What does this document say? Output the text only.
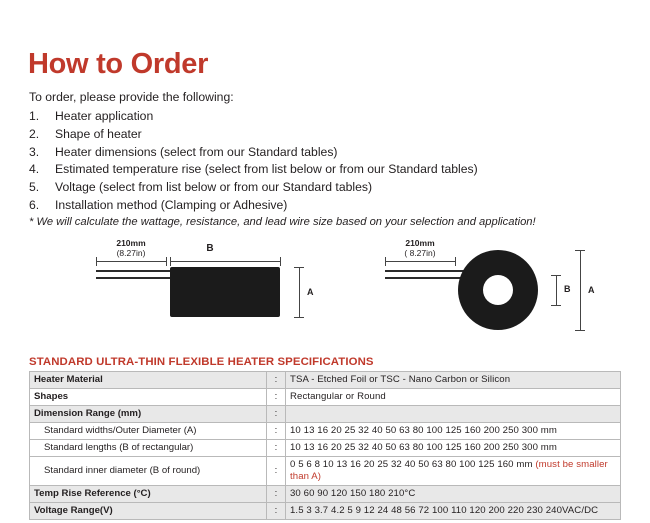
How to Order
To order, please provide the following:
1.	Heater application
2.	Shape of heater
3.	Heater dimensions (select from our Standard tables)
4.	Estimated temperature rise (select from list below or from our Standard tables)
5.	Voltage (select from list below or from our Standard tables)
6.	Installation method (Clamping or Adhesive)
* We will calculate the wattage, resistance, and lead wire size based on your selection and application!
210mm
(8.27in)	B
A
210mm
( 8.27in)
B A
STANDARD ULTRA-THIN FLEXIBLE HEATER SPECIFICATIONS
Heater Material	:	TSA - Etched Foil or TSC - Nano Carbon or Silicon
Shapes	:	Rectangular or Round
Dimension Range (mm)	:	
Standard widths/Outer Diameter (A)	:	10 13 16 20 25 32 40 50 63 80 100 125 160 200 250 300 mm
Standard lengths (B of rectangular)	:	10 13 16 20 25 32 40 50 63 80 100 125 160 200 250 300 mm
Standard inner diameter (B of round)	:	0 5 6 8 10 13 16 20 25 32 40 50 63 80 100 125 160 mm (must be smaller than A)
Temp Rise Reference (°C)	:	30 60 90 120 150 180 210°C
Voltage Range(V)	:	1.5 3 3.7 4.2 5 9 12 24 48 56 72 100 110 120 200 220 230 240VAC/DC
